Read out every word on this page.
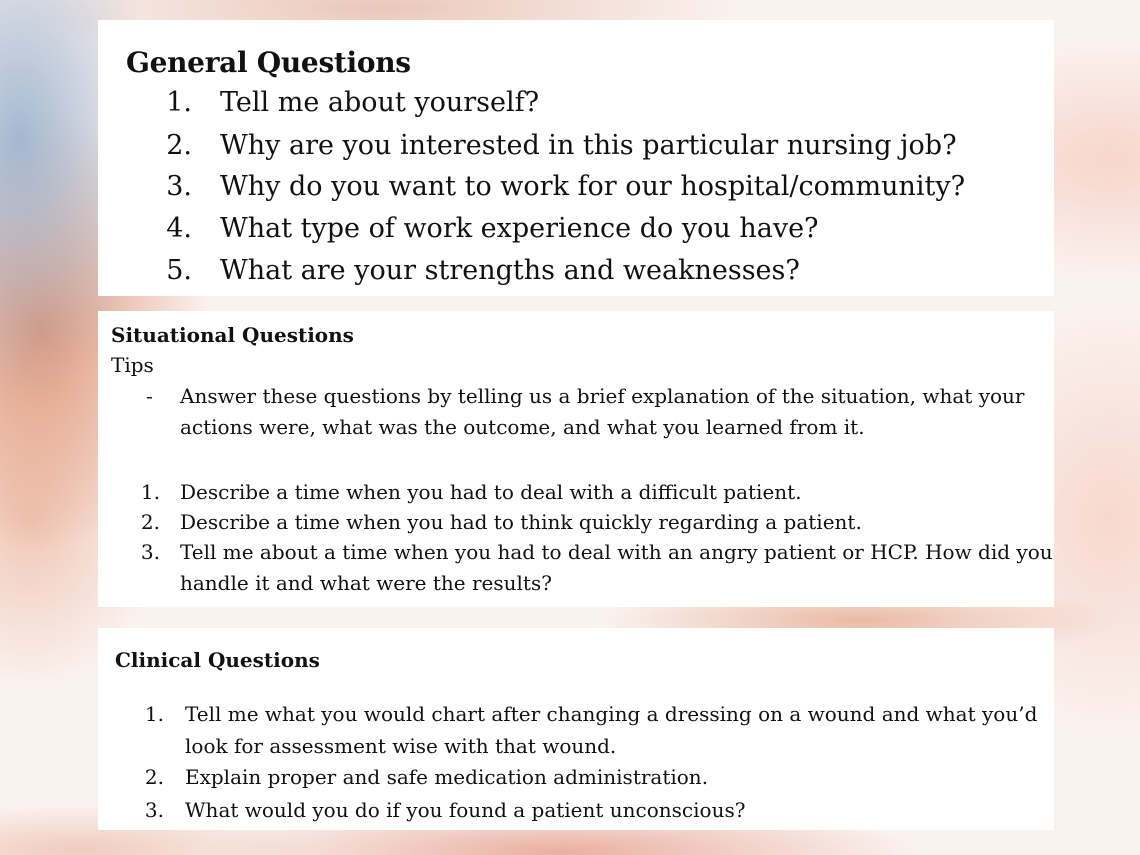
General Questions
1. Tell me about yourself?
2. Why are you interested in this particular nursing job?
3. Why do you want to work for our hospital/community?
4. What type of work experience do you have?
5. What are your strengths and weaknesses?
Situational Questions
Tips
- Answer these questions by telling us a brief explanation of the situation, what your
actions were, what was the outcome, and what you learned from it.
1. Describe a time when you had to deal with a difficult patient.
2. Describe a time when you had to think quickly regarding a patient.
3. Tell me about a time when you had to deal with an angry patient or HCP. How did you
handle it and what were the results?
Clinical Questions
1. Tell me what you would chart after changing a dressing on a wound and what you’d
look for assessment wise with that wound.
2. Explain proper and safe medication administration.
3. What would you do if you found a patient unconscious?
